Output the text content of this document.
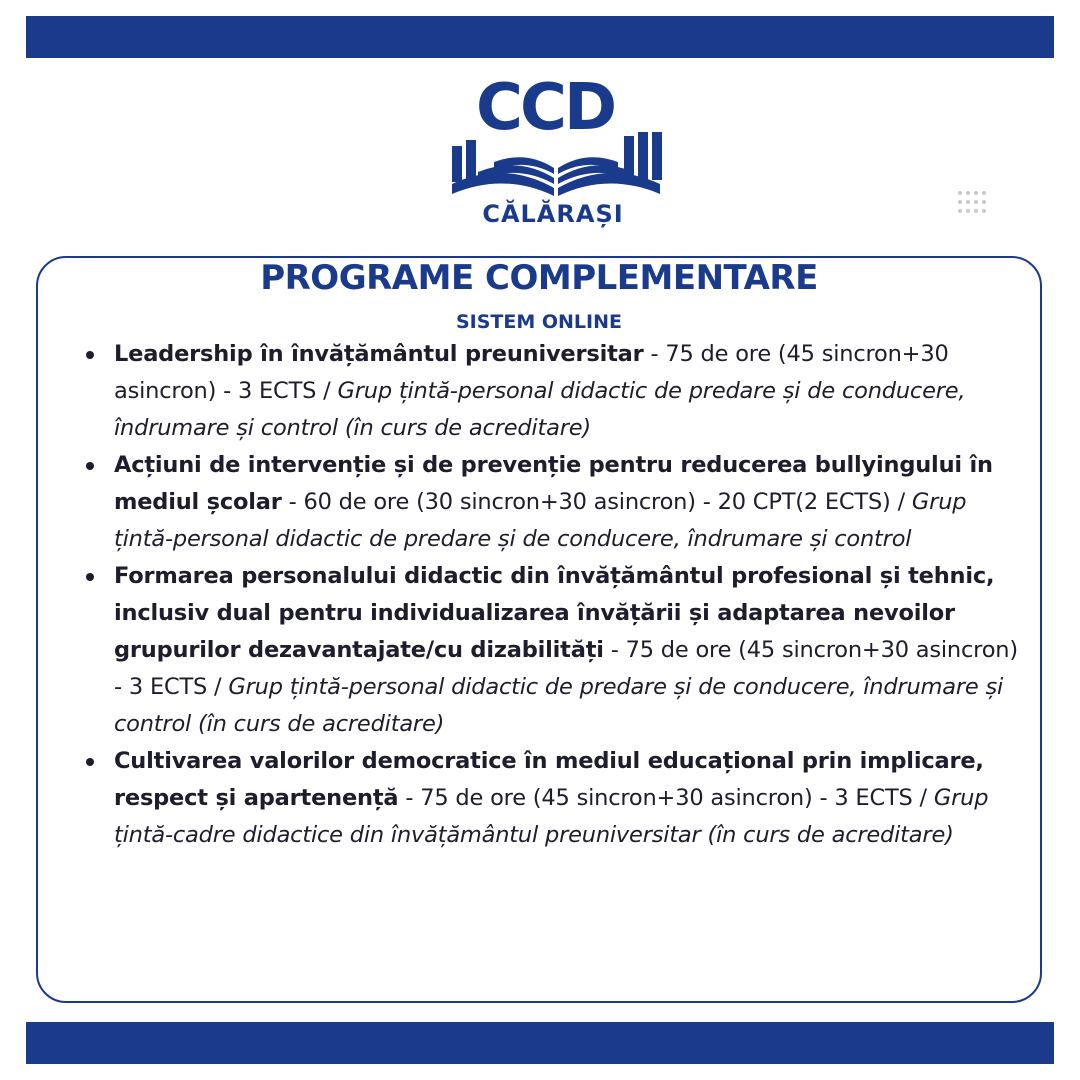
CCD
CĂLĂRAȘI
PROGRAME COMPLEMENTARE
SISTEM ONLINE
Leadership în învățământul preuniversitar - 75 de ore (45 sincron+30 asincron) - 3 ECTS / Grup țintă-personal didactic de predare și de conducere, îndrumare și control (în curs de acreditare)
Acțiuni de intervenție și de prevenție pentru reducerea bullyingului în mediul școlar - 60 de ore (30 sincron+30 asincron) - 20 CPT(2 ECTS) / Grup țintă-personal didactic de predare și de conducere, îndrumare și control
Formarea personalului didactic din învățământul profesional și tehnic, inclusiv dual pentru individualizarea învățării și adaptarea nevoilor grupurilor dezavantajate/cu dizabilități - 75 de ore (45 sincron+30 asincron) - 3 ECTS / Grup țintă-personal didactic de predare și de conducere, îndrumare și control (în curs de acreditare)
Cultivarea valorilor democratice în mediul educațional prin implicare, respect și apartenență - 75 de ore (45 sincron+30 asincron) - 3 ECTS / Grup țintă-cadre didactice din învățământul preuniversitar (în curs de acreditare)
